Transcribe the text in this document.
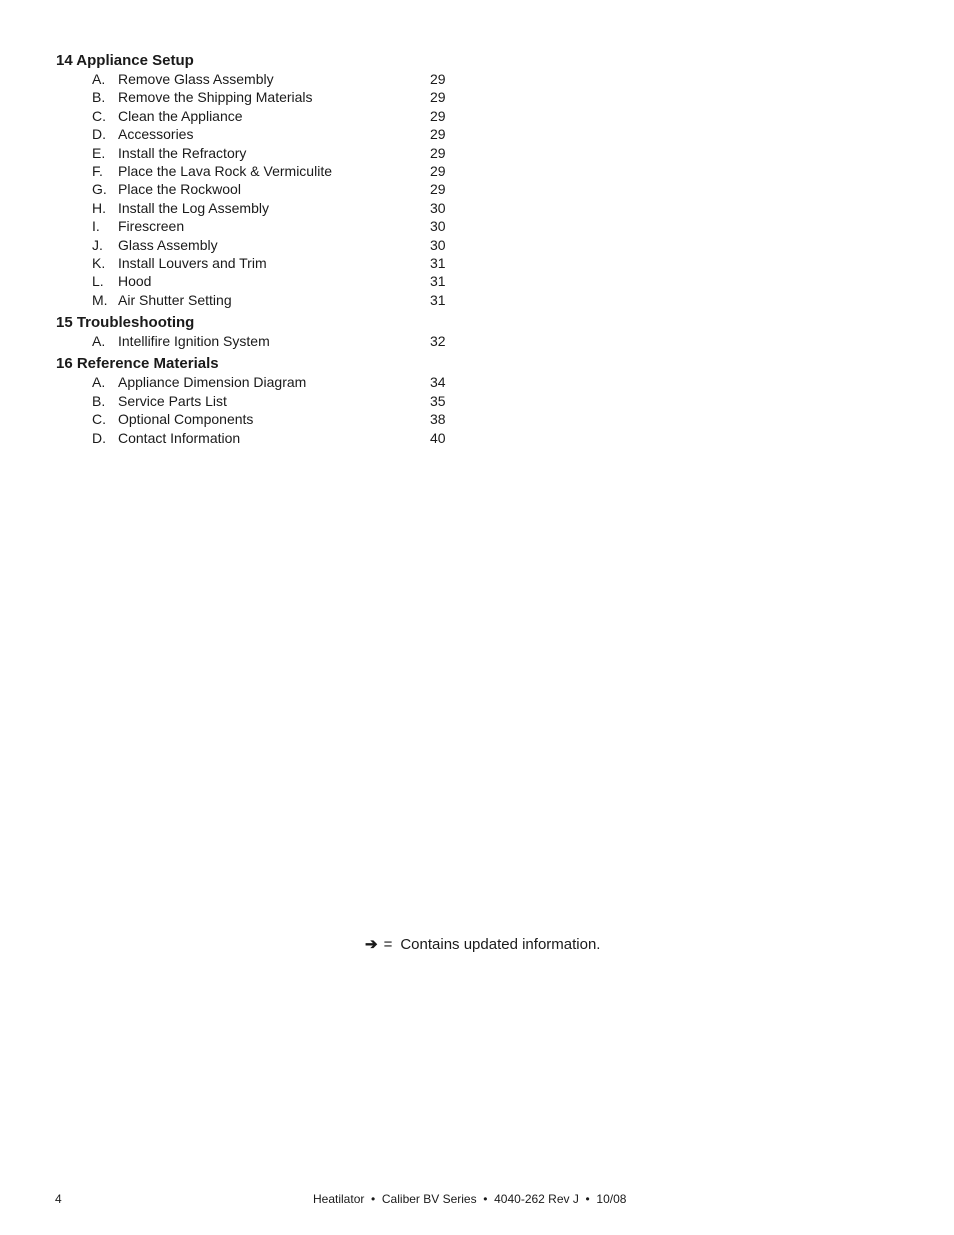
14 Appliance Setup
A. Remove Glass Assembly	29
B. Remove the Shipping Materials	29
C. Clean the Appliance	29
D. Accessories	29
E. Install the Refractory	29
F. Place the Lava Rock & Vermiculite	29
G. Place the Rockwool	29
H. Install the Log Assembly	30
I. Firescreen	30
J. Glass Assembly	30
K. Install Louvers and Trim	31
L. Hood	31
M. Air Shutter Setting	31
15 Troubleshooting
A. Intellifire Ignition System	32
16 Reference Materials
A. Appliance Dimension Diagram	34
B. Service Parts List	35
C. Optional Components	38
D. Contact Information	40
➔ = Contains updated information.
4	Heatilator  •  Caliber BV Series  •  4040-262 Rev J  •  10/08
